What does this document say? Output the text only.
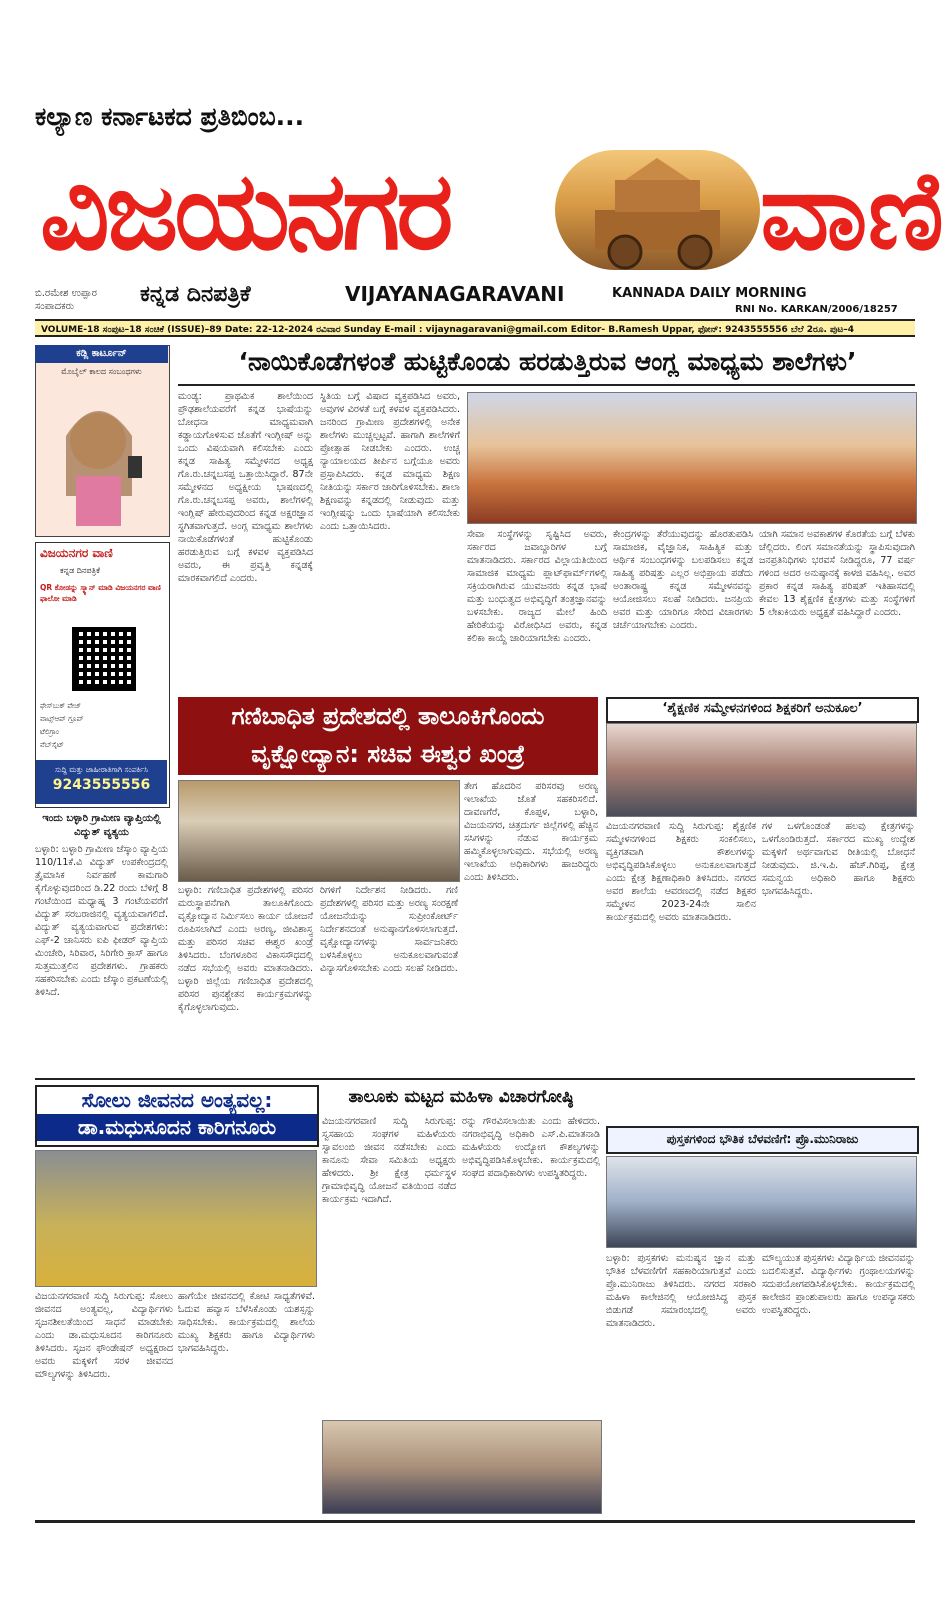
ಕಲ್ಯಾಣ ಕರ್ನಾಟಕದ ಪ್ರತಿಬಿಂಬ...
ವಿಜಯನಗರ	ವಾಣಿ
ಬಿ.ರಮೇಶ ಉಪ್ಪಾರ ಸಂಪಾದಕರು	ಕನ್ನಡ ದಿನಪತ್ರಿಕೆ	VIJAYANAGARAVANI	KANNADA DAILY MORNING
RNI No. KARKAN/2006/18257
VOLUME-18 ಸಂಪುಟ–18 ಸಂಚಿಕೆ (ISSUE)–89 Date: 22-12-2024 ರವಿವಾರ Sunday E-mail : vijaynagaravani@gmail.com Editor- B.Ramesh Uppar, ಫೋನ್: 9243555556 ಬೆಲೆ 2ರೂ. ಪುಟ–4
ಕಡ್ಲಿ ಕಾರ್ಟೂನ್
ಮೊಬೈಲ್ ಕಾಲದ ಸಂಬಂಧಗಳು
ವಿಜಯನಗರ ವಾಣಿ
ಕನ್ನಡ ದಿನಪತ್ರಿಕೆ
QR ಕೋಡನ್ನು ಸ್ಕ್ಯಾನ್ ಮಾಡಿ ವಿಜಯನಗರ ವಾಣಿ ಫಾಲೋ ಮಾಡಿ
ಫೇಸ್‌ಬುಕ್ ಪೇಜ್
ವಾಟ್ಸ್‌ಆಪ್ ಗ್ರೂಪ್
ಟೆಲಿಗ್ರಾಂ
ವೆಬ್‌ಸೈಟ್
ಸುದ್ದಿ ಮತ್ತು ಜಾಹೀರಾತಿಗಾಗಿ ಸಂಪರ್ಕಿಸಿ
9243555556
ಇಂದು ಬಳ್ಳಾರಿ ಗ್ರಾಮೀಣ ವ್ಯಾಪ್ತಿಯಲ್ಲಿ ವಿದ್ಯುತ್ ವ್ಯತ್ಯಯ
ಬಳ್ಳಾರಿ: ಬಳ್ಳಾರಿ ಗ್ರಾಮೀಣ ಜೆಸ್ಕಾಂ ವ್ಯಾಪ್ತಿಯ 110/11ಕೆ.ವಿ ವಿದ್ಯುತ್ ಉಪಕೇಂದ್ರದಲ್ಲಿ ತ್ರೈಮಾಸಿಕ ನಿರ್ವಹಣೆ ಕಾಮಗಾರಿ ಕೈಗೊಳ್ಳುವುದರಿಂದ ಡಿ.22 ರಂದು ಬೆಳಿಗ್ಗೆ 8 ಗಂಟೆಯಿಂದ ಮಧ್ಯಾಹ್ನ 3 ಗಂಟೆಯವರೆಗೆ ವಿದ್ಯುತ್ ಸರಬರಾಜಿನಲ್ಲಿ ವ್ಯತ್ಯಯವಾಗಲಿದೆ. ವಿದ್ಯುತ್ ವ್ಯತ್ಯಯವಾಗುವ ಪ್ರದೇಶಗಳು: ಎಫ್-2 ಚಾನಿಸರು ಐಪಿ ಫೀಡರ್ ವ್ಯಾಪ್ತಿಯ ಮಿಂಚೇರಿ, ಸಿರಿವಾರ, ಸಿರಿಗೇರಿ ಕ್ರಾಸ್ ಹಾಗೂ ಸುತ್ತಮುತ್ತಲಿನ ಪ್ರದೇಶಗಳು. ಗ್ರಾಹಕರು ಸಹಕರಿಸಬೇಕು ಎಂದು ಜೆಸ್ಕಾಂ ಪ್ರಕಟಣೆಯಲ್ಲಿ ತಿಳಿಸಿದೆ.
‘ನಾಯಿಕೊಡೆಗಳಂತೆ ಹುಟ್ಟಿಕೊಂಡು ಹರಡುತ್ತಿರುವ ಆಂಗ್ಲ ಮಾಧ್ಯಮ ಶಾಲೆಗಳು’
ಮಂಡ್ಯ: ಪ್ರಾಥಮಿಕ ಶಾಲೆಯಿಂದ ಪ್ರೌಢಶಾಲೆಯವರೆಗೆ ಕನ್ನಡ ಭಾಷೆಯನ್ನು ಬೋಧನಾ ಮಾಧ್ಯಮವಾಗಿ ಕಡ್ಡಾಯಗೊಳಿಸುವ ಜೊತೆಗೆ ಇಂಗ್ಲೀಷ್ ಅನ್ನು ಒಂದು ವಿಷಯವಾಗಿ ಕಲಿಸಬೇಕು ಎಂದು ಕನ್ನಡ ಸಾಹಿತ್ಯ ಸಮ್ಮೇಳನದ ಅಧ್ಯಕ್ಷ ಗೊ.ರು.ಚನ್ನಬಸಪ್ಪ ಒತ್ತಾಯಿಸಿದ್ದಾರೆ. 87ನೇ ಸಮ್ಮೇಳನದ ಅಧ್ಯಕ್ಷೀಯ ಭಾಷಣದಲ್ಲಿ ಗೊ.ರು.ಚನ್ನಬಸಪ್ಪ ಅವರು, ಶಾಲೆಗಳಲ್ಲಿ ಇಂಗ್ಲಿಷ್ ಹೇರುವುದರಿಂದ ಕನ್ನಡ ಅಕ್ಷರಜ್ಞಾನ ಸ್ಥಗಿತವಾಗುತ್ತದೆ. ಅಂಗ್ಲ ಮಾಧ್ಯಮ ಶಾಲೆಗಳು ನಾಯಿಕೊಡೆಗಳಂತೆ ಹುಟ್ಟಿಕೊಂಡು ಹರಡುತ್ತಿರುವ ಬಗ್ಗೆ ಕಳವಳ ವ್ಯಕ್ತಪಡಿಸಿದ ಅವರು, ಈ ಪ್ರವೃತ್ತಿ ಕನ್ನಡಕ್ಕೆ ಮಾರಕವಾಗಲಿದೆ ಎಂದರು.
ಸ್ಥಿತಿಯ ಬಗ್ಗೆ ವಿಷಾದ ವ್ಯಕ್ತಪಡಿಸಿದ ಅವರು, ಅವುಗಳ ವಿರಳತೆ ಬಗ್ಗೆ ಕಳವಳ ವ್ಯಕ್ತಪಡಿಸಿದರು. ಜನರಿಂದ ಗ್ರಾಮೀಣ ಪ್ರದೇಶಗಳಲ್ಲಿ ಅನೇಕ ಶಾಲೆಗಳು ಮುಚ್ಚಲ್ಪಟ್ಟವೆ. ಹಾಗಾಗಿ ಶಾಲೆಗಳಿಗೆ ಪ್ರೋತ್ಸಾಹ ನೀಡಬೇಕು ಎಂದರು. ಉಚ್ಚ ನ್ಯಾಯಾಲಯದ ತೀರ್ಪಿನ ಬಗ್ಗೆಯೂ ಅವರು ಪ್ರಸ್ತಾಪಿಸಿದರು. ಕನ್ನಡ ಮಾಧ್ಯಮ ಶಿಕ್ಷಣ ನೀತಿಯನ್ನು ಸರ್ಕಾರ ಜಾರಿಗೊಳಿಸಬೇಕು. ಶಾಲಾ ಶಿಕ್ಷಣವನ್ನು ಕನ್ನಡದಲ್ಲಿ ನೀಡುವುದು ಮತ್ತು ಇಂಗ್ಲೀಷನ್ನು ಒಂದು ಭಾಷೆಯಾಗಿ ಕಲಿಸಬೇಕು ಎಂದು ಒತ್ತಾಯಿಸಿದರು.
ಸೇವಾ ಸಂಸ್ಥೆಗಳನ್ನು ಸೃಷ್ಟಿಸಿದ ಅವರು, ಸರ್ಕಾರದ ಜವಾಬ್ದಾರಿಗಳ ಬಗ್ಗೆ ಮಾತನಾಡಿದರು. ಸರ್ಕಾರದ ವಿಲ್ಲಾಯತಿಯಿಂದ ಸಾಮಾಜಿಕ ಮಾಧ್ಯಮ ಪ್ಲಾಟ್‌ಫಾರ್ಮ್‌ಗಳಲ್ಲಿ ಸಕ್ರಿಯರಾಗಿರುವ ಯುವಜನರು ಕನ್ನಡ ಭಾಷೆ ಮತ್ತು ಬಂಧುತ್ವದ ಅಭಿವೃದ್ಧಿಗೆ ತಂತ್ರಜ್ಞಾನವನ್ನು ಬಳಸಬೇಕು. ರಾಜ್ಯದ ಮೇಲೆ ಹಿಂದಿ ಹೇರಿಕೆಯನ್ನು ವಿರೋಧಿಸಿದ ಅವರು, ಕನ್ನಡ ಕಲಿಕಾ ಕಾಯ್ದೆ ಜಾರಿಯಾಗಬೇಕು ಎಂದರು.
ಕೇಂದ್ರಗಳನ್ನು ತೆರೆಯುವುದನ್ನು ಹೊರತುಪಡಿಸಿ ಸಾಮಾಜಿಕ, ವೈಜ್ಞಾನಿಕ, ಸಾಹಿತ್ಯಿಕ ಮತ್ತು ಆರ್ಥಿಕ ಸಂಬಂಧಗಳನ್ನು ಬಲಪಡಿಸಲು ಕನ್ನಡ ಸಾಹಿತ್ಯ ಪರಿಷತ್ತು ಎಲ್ಲರ ಅಭಿಪ್ರಾಯ ಪಡೆದು ಅಂತಾರಾಷ್ಟ್ರ ಕನ್ನಡ ಸಮ್ಮೇಳನವನ್ನು ಆಯೋಜಿಸಲು ಸಲಹೆ ನೀಡಿದರು. ಜನಪ್ರಿಯ ಅವರ ಮತ್ತು ಯಾರಿಗೂ ಸೇರಿದ ವಿಚಾರಗಳು ಚರ್ಚೆಯಾಗಬೇಕು ಎಂದರು.
ಯಾಗಿ ಸಮಾನ ಅವಕಾಶಗಳ ಕೊರತೆಯ ಬಗ್ಗೆ ಬೆಳಕು ಚೆಲ್ಲಿದರು. ಲಿಂಗ ಸಮಾನತೆಯನ್ನು ಸ್ಥಾಪಿಸುವುದಾಗಿ ಜನಪ್ರತಿನಿಧಿಗಳು ಭರವಸೆ ನೀಡಿದ್ದರೂ, 77 ವರ್ಷ ಗಳಿಂದ ಅದರ ಅನುಷ್ಠಾನಕ್ಕೆ ಕಾಳಜಿ ವಹಿಸಿಲ್ಲ. ಅವರ ಪ್ರಕಾರ ಕನ್ನಡ ಸಾಹಿತ್ಯ ಪರಿಷತ್ ಇತಿಹಾಸದಲ್ಲಿ ಕೇವಲ 13 ಶೈಕ್ಷಣಿಕ ಕ್ಷೇತ್ರಗಳು ಮತ್ತು ಸಂಸ್ಥೆಗಳಿಗೆ 5 ಲೇಖಕಿಯರು ಅಧ್ಯಕ್ಷತೆ ವಹಿಸಿದ್ದಾರೆ ಎಂದರು.
ಗಣಿಬಾಧಿತ ಪ್ರದೇಶದಲ್ಲಿ ತಾಲೂಕಿಗೊಂದು
ವೃಕ್ಷೋದ್ಯಾನ: ಸಚಿವ ಈಶ್ವರ ಖಂಡ್ರೆ
ಬಳ್ಳಾರಿ: ಗಣಿಬಾಧಿತ ಪ್ರದೇಶಗಳಲ್ಲಿ ಪರಿಸರ ಮರುಸ್ಥಾಪನೆಗಾಗಿ ತಾಲೂಕಿಗೊಂದು ವೃಕ್ಷೋದ್ಯಾನ ನಿರ್ಮಿಸಲು ಕಾರ್ಯ ಯೋಜನೆ ರೂಪಿಸಲಾಗಿದೆ ಎಂದು ಅರಣ್ಯ, ಜೀವಿಶಾಸ್ತ್ರ ಮತ್ತು ಪರಿಸರ ಸಚಿವ ಈಶ್ವರ ಖಂಡ್ರೆ ತಿಳಿಸಿದರು. ಬೆಂಗಳೂರಿನ ವಿಕಾಸಸೌಧದಲ್ಲಿ ನಡೆದ ಸಭೆಯಲ್ಲಿ ಅವರು ಮಾತನಾಡಿದರು. ಬಳ್ಳಾರಿ ಜಿಲ್ಲೆಯ ಗಣಿಬಾಧಿತ ಪ್ರದೇಶದಲ್ಲಿ ಪರಿಸರ ಪುನಶ್ಚೇತನ ಕಾರ್ಯಕ್ರಮಗಳನ್ನು ಕೈಗೊಳ್ಳಲಾಗುವುದು.
ರಿಗಳಿಗೆ ನಿರ್ದೇಶನ ನೀಡಿದರು. ಗಣಿ ಪ್ರದೇಶಗಳಲ್ಲಿ ಪರಿಸರ ಮತ್ತು ಅರಣ್ಯ ಸಂರಕ್ಷಣೆ ಯೋಜನೆಯನ್ನು ಸುಪ್ರೀಂಕೋರ್ಟ್ ನಿರ್ದೇಶನದಂತೆ ಅನುಷ್ಠಾನಗೊಳಿಸಲಾಗುತ್ತದೆ. ವೃಕ್ಷೋದ್ಯಾನಗಳನ್ನು ಸಾರ್ವಜನಿಕರು ಬಳಸಿಕೊಳ್ಳಲು ಅನುಕೂಲವಾಗುವಂತೆ ವಿನ್ಯಾಸಗೊಳಿಸಬೇಕು ಎಂದು ಸಲಹೆ ನೀಡಿದರು.
ತೇಗ ಹೊದರಿನ ಪರಿಸರವು ಅರಣ್ಯ ಇಲಾಖೆಯ ಜೊತೆ ಸಹಕರಿಸಲಿದೆ. ದಾವಣಗೆರೆ, ಕೊಪ್ಪಳ, ಬಳ್ಳಾರಿ, ವಿಜಯನಗರ, ಚಿತ್ರದುರ್ಗ ಜಿಲ್ಲೆಗಳಲ್ಲಿ ಹೆಚ್ಚಿನ ಸಸಿಗಳನ್ನು ನೆಡುವ ಕಾರ್ಯಕ್ರಮ ಹಮ್ಮಿಕೊಳ್ಳಲಾಗುವುದು. ಸಭೆಯಲ್ಲಿ ಅರಣ್ಯ ಇಲಾಖೆಯ ಅಧಿಕಾರಿಗಳು ಹಾಜರಿದ್ದರು ಎಂದು ತಿಳಿಸಿದರು.
‘ಶೈಕ್ಷಣಿಕ ಸಮ್ಮೇಳನಗಳಿಂದ ಶಿಕ್ಷಕರಿಗೆ ಅನುಕೂಲ’
ವಿಜಯನಗರವಾಣಿ ಸುದ್ದಿ ಸಿರುಗುಪ್ಪ: ಶೈಕ್ಷಣಿಕ ಸಮ್ಮೇಳನಗಳಿಂದ ಶಿಕ್ಷಕರು ಸಂಕಲಿಸಲು, ವ್ಯಕ್ತಿಗತವಾಗಿ ಕೌಶಲಗಳನ್ನು ಅಭಿವೃದ್ಧಿಪಡಿಸಿಕೊಳ್ಳಲು ಅನುಕೂಲವಾಗುತ್ತದೆ ಎಂದು ಕ್ಷೇತ್ರ ಶಿಕ್ಷಣಾಧಿಕಾರಿ ತಿಳಿಸಿದರು. ನಗರದ ಅವರ ಶಾಲೆಯ ಆವರಣದಲ್ಲಿ ನಡೆದ ಶಿಕ್ಷಕರ ಸಮ್ಮೇಳನ 2023-24ನೇ ಸಾಲಿನ ಕಾರ್ಯಕ್ರಮದಲ್ಲಿ ಅವರು ಮಾತನಾಡಿದರು.
ಗಳ ಒಳಗೊಂಡಂತೆ ಹಲವು ಕ್ಷೇತ್ರಗಳನ್ನು ಒಳಗೊಂಡಿರುತ್ತದೆ. ಸರ್ಕಾರದ ಮುಖ್ಯ ಉದ್ದೇಶ ಮಕ್ಕಳಿಗೆ ಅರ್ಥವಾಗುವ ರೀತಿಯಲ್ಲಿ ಬೋಧನೆ ನೀಡುವುದು. ಜಿ.ಇ.ಪಿ. ಹೆಚ್.ಗಿರಿಪ್ಪ, ಕ್ಷೇತ್ರ ಸಮನ್ವಯ ಅಧಿಕಾರಿ ಹಾಗೂ ಶಿಕ್ಷಕರು ಭಾಗವಹಿಸಿದ್ದರು.
ಸೋಲು ಜೀವನದ ಅಂತ್ಯವಲ್ಲ:
ಡಾ.ಮಧುಸೂದನ ಕಾರಿಗನೂರು
ವಿಜಯನಗರವಾಣಿ ಸುದ್ದಿ ಸಿರುಗುಪ್ಪ: ಸೋಲು ಜೀವನದ ಅಂತ್ಯವಲ್ಲ, ವಿದ್ಯಾರ್ಥಿಗಳು ಸೃಜನಶೀಲತೆಯಿಂದ ಸಾಧನೆ ಮಾಡಬೇಕು ಎಂದು ಡಾ.ಮಧುಸೂದನ ಕಾರಿಗನೂರು ತಿಳಿಸಿದರು. ಸೃಜನ ಫೌಂಡೇಷನ್ ಅಧ್ಯಕ್ಷರಾದ ಅವರು ಮಕ್ಕಳಿಗೆ ಸರಳ ಜೀವನದ ಮೌಲ್ಯಗಳನ್ನು ತಿಳಿಸಿದರು.
ಹಾಗೆಯೇ ಜೀವನದಲ್ಲಿ ಕೋಟಿ ಸಾಧ್ಯತೆಗಳಿವೆ. ಓದುವ ಹವ್ಯಾಸ ಬೆಳೆಸಿಕೊಂಡು ಯಶಸ್ಸನ್ನು ಸಾಧಿಸಬೇಕು. ಕಾರ್ಯಕ್ರಮದಲ್ಲಿ ಶಾಲೆಯ ಮುಖ್ಯ ಶಿಕ್ಷಕರು ಹಾಗೂ ವಿದ್ಯಾರ್ಥಿಗಳು ಭಾಗವಹಿಸಿದ್ದರು.
ತಾಲೂಕು ಮಟ್ಟದ ಮಹಿಳಾ ವಿಚಾರಗೋಷ್ಠಿ
ವಿಜಯನಗರವಾಣಿ ಸುದ್ದಿ ಸಿರುಗುಪ್ಪ: ಸ್ವಸಹಾಯ ಸಂಘಗಳ ಮಹಿಳೆಯರು ಸ್ವಾವಲಂಬಿ ಜೀವನ ನಡೆಸಬೇಕು ಎಂದು ಕಾನೂನು ಸೇವಾ ಸಮಿತಿಯ ಅಧ್ಯಕ್ಷರು ಹೇಳಿದರು. ಶ್ರೀ ಕ್ಷೇತ್ರ ಧರ್ಮಸ್ಥಳ ಗ್ರಾಮಾಭಿವೃದ್ಧಿ ಯೋಜನೆ ವತಿಯಿಂದ ನಡೆದ ಕಾರ್ಯಕ್ರಮ ಇದಾಗಿದೆ.
ರನ್ನು ಗೌರವಿಸಲಾಯಿತು ಎಂದು ಹೇಳಿದರು. ನಗರಾಭಿವೃದ್ಧಿ ಅಧಿಕಾರಿ ಎಸ್.ಪಿ.ಮಾತನಾಡಿ ಮಹಿಳೆಯರು ಉದ್ಯೋಗ ಕೌಶಲ್ಯಗಳನ್ನು ಅಭಿವೃದ್ಧಿಪಡಿಸಿಕೊಳ್ಳಬೇಕು. ಕಾರ್ಯಕ್ರಮದಲ್ಲಿ ಸಂಘದ ಪದಾಧಿಕಾರಿಗಳು ಉಪಸ್ಥಿತರಿದ್ದರು.
ಪುಸ್ತಕಗಳಿಂದ ಭೌತಿಕ ಬೆಳವಣಿಗೆ: ಪ್ರೊ.ಮುನಿರಾಜು
ಬಳ್ಳಾರಿ: ಪುಸ್ತಕಗಳು ಮನುಷ್ಯನ ಜ್ಞಾನ ಮತ್ತು ಭೌತಿಕ ಬೆಳವಣಿಗೆಗೆ ಸಹಕಾರಿಯಾಗುತ್ತವೆ ಎಂದು ಪ್ರೊ.ಮುನಿರಾಜು ತಿಳಿಸಿದರು. ನಗರದ ಸರಕಾರಿ ಮಹಿಳಾ ಕಾಲೇಜಿನಲ್ಲಿ ಆಯೋಜಿಸಿದ್ದ ಪುಸ್ತಕ ಬಿಡುಗಡೆ ಸಮಾರಂಭದಲ್ಲಿ ಅವರು ಮಾತನಾಡಿದರು.
ಮೌಲ್ಯಯುತ ಪುಸ್ತಕಗಳು ವಿದ್ಯಾರ್ಥಿಯ ಜೀವನವನ್ನು ಬದಲಿಸುತ್ತವೆ. ವಿದ್ಯಾರ್ಥಿಗಳು ಗ್ರಂಥಾಲಯಗಳನ್ನು ಸದುಪಯೋಗಪಡಿಸಿಕೊಳ್ಳಬೇಕು. ಕಾರ್ಯಕ್ರಮದಲ್ಲಿ ಕಾಲೇಜಿನ ಪ್ರಾಂಶುಪಾಲರು ಹಾಗೂ ಉಪನ್ಯಾಸಕರು ಉಪಸ್ಥಿತರಿದ್ದರು.
